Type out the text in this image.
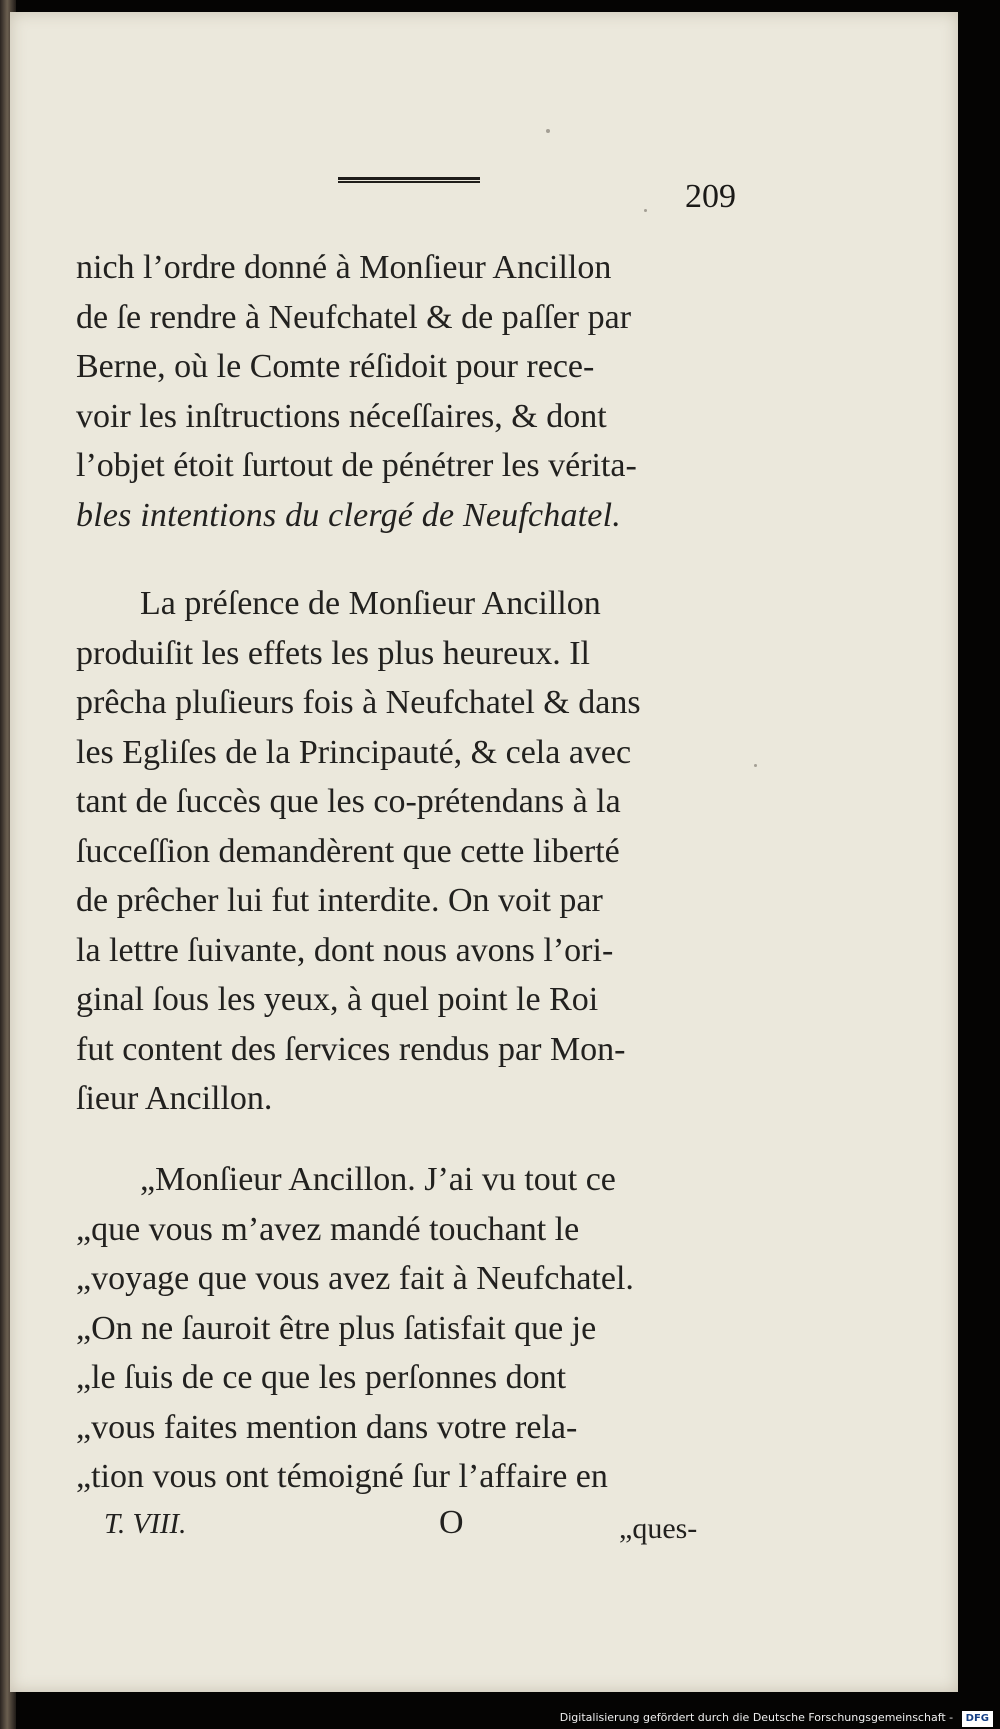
209

nich l’ordre donné à Monſieur Ancillon
de ſe rendre à Neufchatel & de paſſer par
Berne, où le Comte réſidoit pour rece-
voir les inſtructions néceſſaires, & dont
l’objet étoit ſurtout de pénétrer les vérita-
bles intentions du clergé de Neufchatel.

La préſence de Monſieur Ancillon
produiſit les effets les plus heureux. Il
prêcha pluſieurs fois à Neufchatel & dans
les Egliſes de la Principauté, & cela avec
tant de ſuccès que les co-prétendans à la
ſucceſſion demandèrent que cette liberté
de prêcher lui fut interdite. On voit par
la lettre ſuivante, dont nous avons l’ori-
ginal ſous les yeux, à quel point le Roi
fut content des ſervices rendus par Mon-
ſieur Ancillon.

„Monſieur Ancillon. J’ai vu tout ce
„que vous m’avez mandé touchant le
„voyage que vous avez fait à Neufchatel.
„On ne ſauroit être plus ſatisfait que je
„le ſuis de ce que les perſonnes dont
„vous faites mention dans votre rela-
„tion vous ont témoigné ſur l’affaire en

T. VIII.	O	„ques-
Digitalisierung gefördert durch die Deutsche Forschungsgemeinschaft - DFG
